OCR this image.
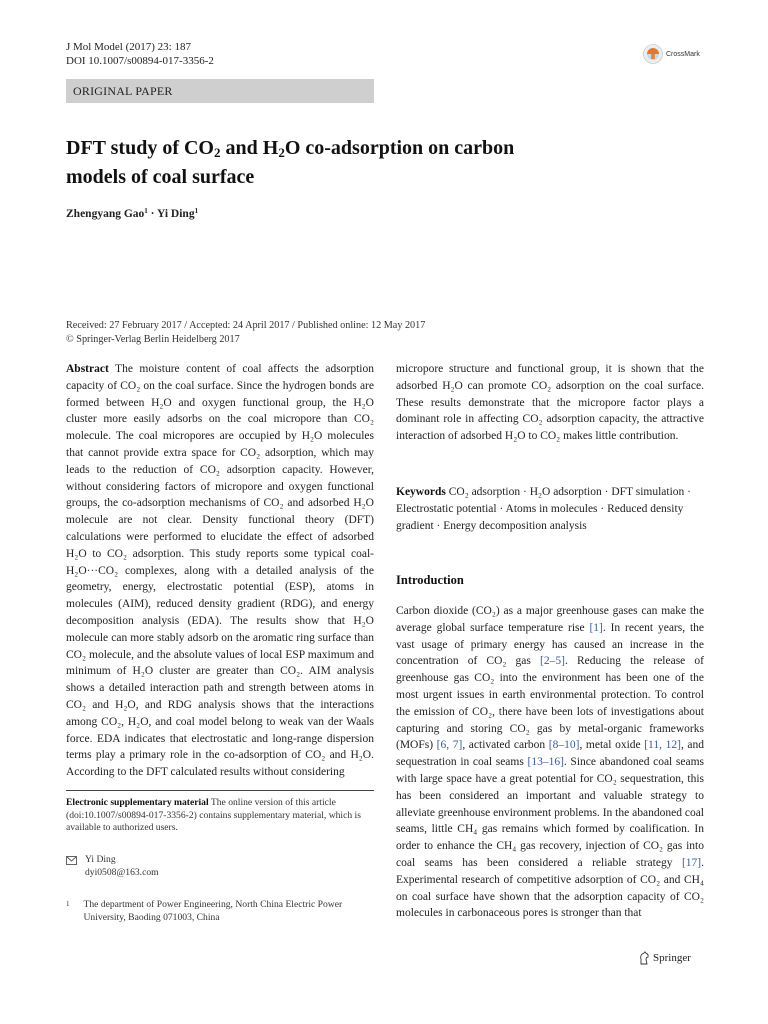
J Mol Model (2017) 23: 187
DOI 10.1007/s00894-017-3356-2
CrossMark
ORIGINAL PAPER
DFT study of $CO_2$ and $H_2O$ co-adsorption on carbon
models of coal surface
Zhengyang Gao$^1$ · Yi Ding$^1$
Received: 27 February 2017 / Accepted: 24 April 2017 / Published online: 12 May 2017
© Springer-Verlag Berlin Heidelberg 2017

Abstract The moisture content of coal affects the adsorption capacity of CO₂ on the coal surface. Since the hydrogen bonds are formed between H₂O and oxygen functional group, the H₂O cluster more easily adsorbs on the coal micropore than CO₂ molecule. The coal micropores are occupied by H₂O molecules that cannot provide extra space for CO₂ adsorption, which may leads to the reduction of CO₂ adsorption capacity. However, without considering factors of micropore and oxygen functional groups, the co-adsorption mechanisms of CO₂ and adsorbed H₂O molecule are not clear. Density functional theory (DFT) calculations were performed to elucidate the effect of adsorbed H₂O to CO₂ adsorption. This study reports some typical coal-H₂O···CO₂ complexes, along with a detailed analysis of the geometry, energy, electrostatic potential (ESP), atoms in molecules (AIM), reduced density gradient (RDG), and energy decomposition analysis (EDA). The results show that H₂O molecule can more stably adsorb on the aromatic ring surface than CO₂ molecule, and the absolute values of local ESP maximum and minimum of H₂O cluster are greater than CO₂. AIM analysis shows a detailed interaction path and strength between atoms in CO₂ and H₂O, and RDG analysis shows that the interactions among CO₂, H₂O, and coal model belong to weak van der Waals force. EDA indicates that electrostatic and long-range dispersion terms play a primary role in the co-adsorption of CO₂ and H₂O. According to the DFT calculated results without considering

micropore structure and functional group, it is shown that the adsorbed H₂O can promote CO₂ adsorption on the coal surface. These results demonstrate that the micropore factor plays a dominant role in affecting CO₂ adsorption capacity, the attractive interaction of adsorbed H₂O to CO₂ makes little contribution.

Keywords CO₂ adsorption · H₂O adsorption · DFT simulation · Electrostatic potential · Atoms in molecules · Reduced density gradient · Energy decomposition analysis

Introduction

Carbon dioxide (CO₂) as a major greenhouse gases can make the average global surface temperature rise [1]. In recent years, the vast usage of primary energy has caused an increase in the concentration of CO₂ gas [2–5]. Reducing the release of greenhouse gas CO₂ into the environment has been one of the most urgent issues in earth environmental protection. To control the emission of CO₂, there have been lots of investigations about capturing and storing CO₂ gas by metal-organic frameworks (MOFs) [6, 7], activated carbon [8–10], metal oxide [11, 12], and sequestration in coal seams [13–16]. Since abandoned coal seams with large space have a great potential for CO₂ sequestration, this has been considered an important and valuable strategy to alleviate greenhouse environment problems. In the abandoned coal seams, little CH₄ gas remains which formed by coalification. In order to enhance the CH₄ gas recovery, injection of CO₂ gas into coal seams has been considered a reliable strategy [17]. Experimental research of competitive adsorption of CO₂ and CH₄ on coal surface have shown that the adsorption capacity of CO₂ molecules in carbonaceous pores is stronger than that

Electronic supplementary material The online version of this article (doi:10.1007/s00894-017-3356-2) contains supplementary material, which is available to authorized users.
Yi Ding
dyi0508@163.com
1 The department of Power Engineering, North China Electric Power University, Baoding 071003, China
Springer
